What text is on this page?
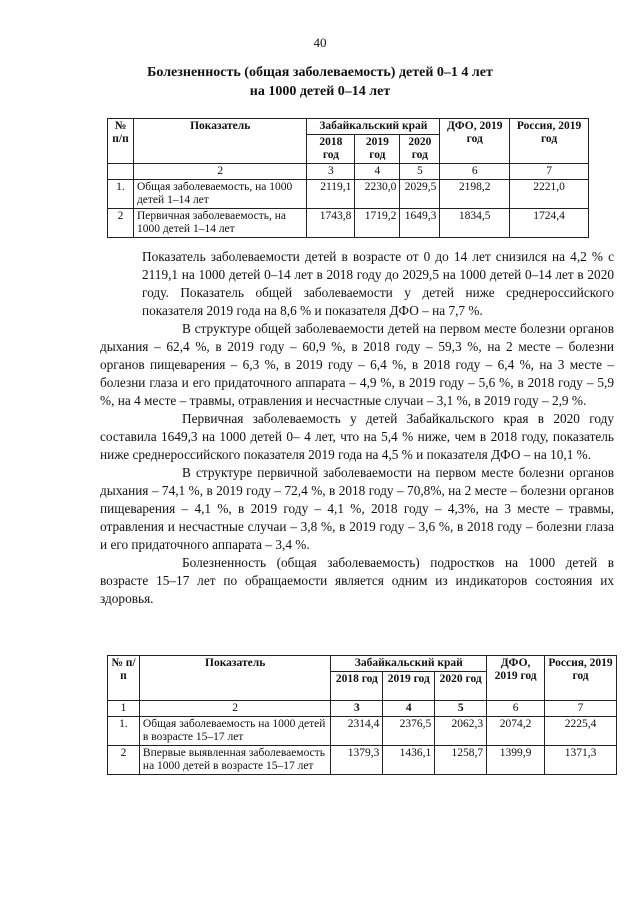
40
Болезненность (общая заболеваемость) детей 0–1 4 лет
на 1000 детей 0–14 лет
№ п/п	Показатель	Забайкальский край			ДФО, 2019 год	Россия, 2019 год
		2018 год	2019 год	2020 год		
	2	3	4	5	6	7
1.	Общая заболеваемость, на 1000 детей 1–14 лет	2119,1	2230,0	2029,5	2198,2	2221,0
2	Первичная заболеваемость, на 1000 детей 1–14 лет	1743,8	1719,2	1649,3	1834,5	1724,4

Показатель заболеваемости детей в возрасте от 0 до 14 лет снизился на 4,2 % с 2119,1 на 1000 детей 0–14 лет в 2018 году до 2029,5 на 1000 детей 0–14 лет в 2020 году. Показатель общей заболеваемости у детей ниже среднероссийского показателя 2019 года на 8,6 % и показателя ДФО – на 7,7 %.

В структуре общей заболеваемости детей на первом месте болезни органов дыхания – 62,4 %, в 2019 году – 60,9 %, в 2018 году – 59,3 %, на 2 месте – болезни органов пищеварения – 6,3 %, в 2019 году – 6,4 %, в 2018 году – 6,4 %, на 3 месте – болезни глаза и его придаточного аппарата – 4,9 %, в 2019 году – 5,6 %, в 2018 году – 5,9 %, на 4 месте – травмы, отравления и несчастные случаи – 3,1 %, в 2019 году – 2,9 %.

Первичная заболеваемость у детей Забайкальского края в 2020 году составила 1649,3 на 1000 детей 0– 4 лет, что на 5,4 % ниже, чем в 2018 году, показатель ниже среднероссийского показателя 2019 года на 4,5 % и показателя ДФО – на 10,1 %.

В структуре первичной заболеваемости на первом месте болезни органов дыхания – 74,1 %, в 2019 году – 72,4 %, в 2018 году – 70,8%, на 2 месте – болезни органов пищеварения – 4,1 %, в 2019 году – 4,1 %, 2018 году – 4,3%, на 3 месте – травмы, отравления и несчастные случаи – 3,8 %, в 2019 году – 3,6 %, в 2018 году – болезни глаза и его придаточного аппарата – 3,4 %.

Болезненность (общая заболеваемость) подростков на 1000 детей в возрасте 15–17 лет по обращаемости является одним из индикаторов состояния их здоровья.

№ п/п	Показатель	Забайкальский край			ДФО, 2019 год	Россия, 2019 год
		2018 год	2019 год	2020 год		
1	2	3	4	5	6	7
1.	Общая заболеваемость на 1000 детей в возрасте 15–17 лет	2314,4	2376,5	2062,3	2074,2	2225,4
2	Впервые выявленная заболеваемость на 1000 детей в возрасте 15–17 лет	1379,3	1436,1	1258,7	1399,9	1371,3
